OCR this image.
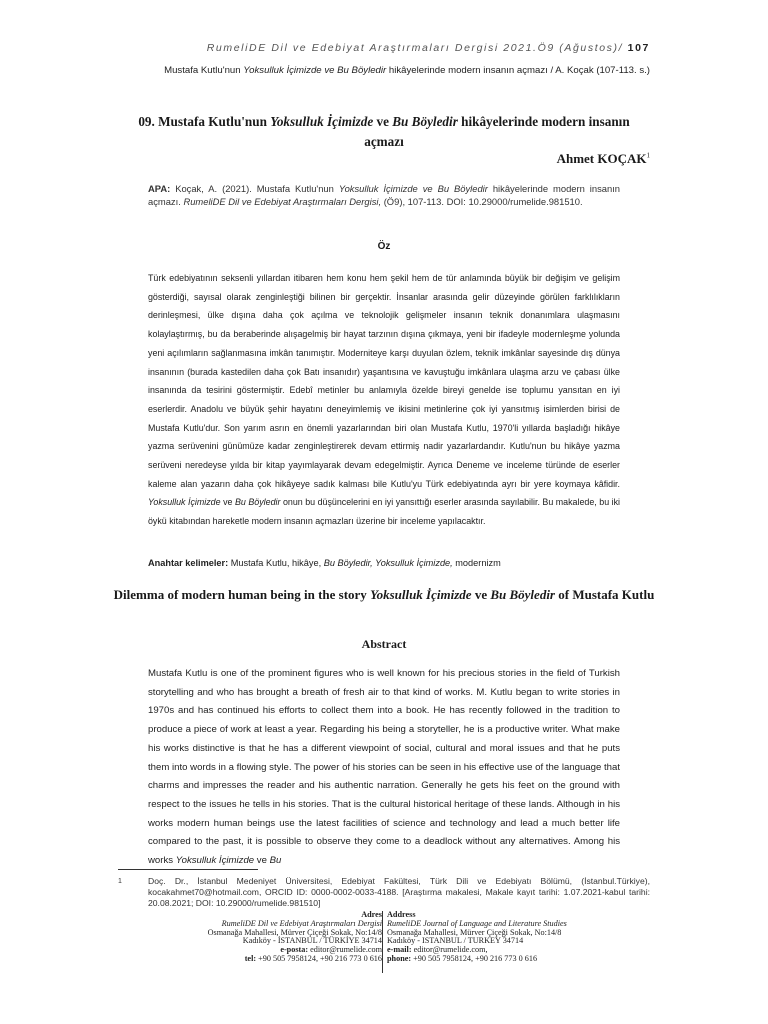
RumeliDE Dil ve Edebiyat Araştırmaları Dergisi 2021.Ö9 (Ağustos)/ 107
Mustafa Kutlu'nun Yoksulluk İçimizde ve Bu Böyledir hikâyelerinde modern insanın açmazı / A. Koçak (107-113. s.)
09. Mustafa Kutlu'nun Yoksulluk İçimizde ve Bu Böyledir hikâyelerinde modern insanın açmazı
Ahmet KOÇAK$^1$
APA: Koçak, A. (2021). Mustafa Kutlu'nun Yoksulluk İçimizde ve Bu Böyledir hikâyelerinde modern insanın açmazı. RumeliDE Dil ve Edebiyat Araştırmaları Dergisi, (Ö9), 107-113. DOI: 10.29000/rumelide.981510.
Öz
Türk edebiyatının seksenli yıllardan itibaren hem konu hem şekil hem de tür anlamında büyük bir değişim ve gelişim gösterdiği, sayısal olarak zenginleştiği bilinen bir gerçektir. İnsanlar arasında gelir düzeyinde görülen farklılıkların derinleşmesi, ülke dışına daha çok açılma ve teknolojik gelişmeler insanın teknik donanımlara ulaşmasını kolaylaştırmış, bu da beraberinde alışagelmiş bir hayat tarzının dışına çıkmaya, yeni bir ifadeyle modernleşme yolunda yeni açılımların sağlanmasına imkân tanımıştır. Moderniteye karşı duyulan özlem, teknik imkânlar sayesinde dış dünya insanının (burada kastedilen daha çok Batı insanıdır) yaşantısına ve kavuştuğu imkânlara ulaşma arzu ve çabası ülke insanında da tesirini göstermiştir. Edebî metinler bu anlamıyla özelde bireyi genelde ise toplumu yansıtan en iyi eserlerdir. Anadolu ve büyük şehir hayatını deneyimlemiş ve ikisini metinlerine çok iyi yansıtmış isimlerden birisi de Mustafa Kutlu'dur. Son yarım asrın en önemli yazarlarından biri olan Mustafa Kutlu, 1970'li yıllarda başladığı hikâye yazma serüvenini günümüze kadar zenginleştirerek devam ettirmiş nadir yazarlardandır. Kutlu'nun bu hikâye yazma serüveni neredeyse yılda bir kitap yayımlayarak devam edegelmiştir. Ayrıca Deneme ve inceleme türünde de eserler kaleme alan yazarın daha çok hikâyeye sadık kalması bile Kutlu'yu Türk edebiyatında ayrı bir yere koymaya kâfidir. Yoksulluk İçimizde ve Bu Böyledir onun bu düşüncelerini en iyi yansıttığı eserler arasında sayılabilir. Bu makalede, bu iki öykü kitabından hareketle modern insanın açmazları üzerine bir inceleme yapılacaktır.
Anahtar kelimeler: Mustafa Kutlu, hikâye, Bu Böyledir, Yoksulluk İçimizde, modernizm
Dilemma of modern human being in the story Yoksulluk İçimizde ve Bu Böyledir of Mustafa Kutlu
Abstract
Mustafa Kutlu is one of the prominent figures who is well known for his precious stories in the field of Turkish storytelling and who has brought a breath of fresh air to that kind of works. M. Kutlu began to write stories in 1970s and has continued his efforts to collect them into a book. He has recently followed in the tradition to produce a piece of work at least a year. Regarding his being a storyteller, he is a productive writer. What make his works distinctive is that he has a different viewpoint of social, cultural and moral issues and that he puts them into words in a flowing style. The power of his stories can be seen in his effective use of the language that charms and impresses the reader and his authentic narration. Generally he gets his feet on the ground with respect to the issues he tells in his stories. That is the cultural historical heritage of these lands. Although in his works modern human beings use the latest facilities of science and technology and lead a much better life compared to the past, it is possible to observe they come to a deadlock without any alternatives. Among his works Yoksulluk İçimizde ve Bu
1	Doç. Dr., İstanbul Medeniyet Üniversitesi, Edebiyat Fakültesi, Türk Dili ve Edebiyatı Bölümü, (İstanbul.Türkiye), kocakahmet70@hotmail.com, ORCID ID: 0000-0002-0033-4188. [Araştırma makalesi, Makale kayıt tarihi: 1.07.2021-kabul tarihi: 20.08.2021; DOI: 10.29000/rumelide.981510]
Adres
RumeliDE Dil ve Edebiyat Araştırmaları Dergisi
Osmanağa Mahallesi, Mürver Çiçeği Sokak, No:14/8
Kadıköy - İSTANBUL / TÜRKİYE 34714
e-posta: editor@rumelide.com
tel: +90 505 7958124, +90 216 773 0 616
Address
RumeliDE Journal of Language and Literature Studies
Osmanağa Mahallesi, Mürver Çiçeği Sokak, No:14/8
Kadıköy - ISTANBUL / TURKEY 34714
e-mail: editor@rumelide.com,
phone: +90 505 7958124, +90 216 773 0 616
